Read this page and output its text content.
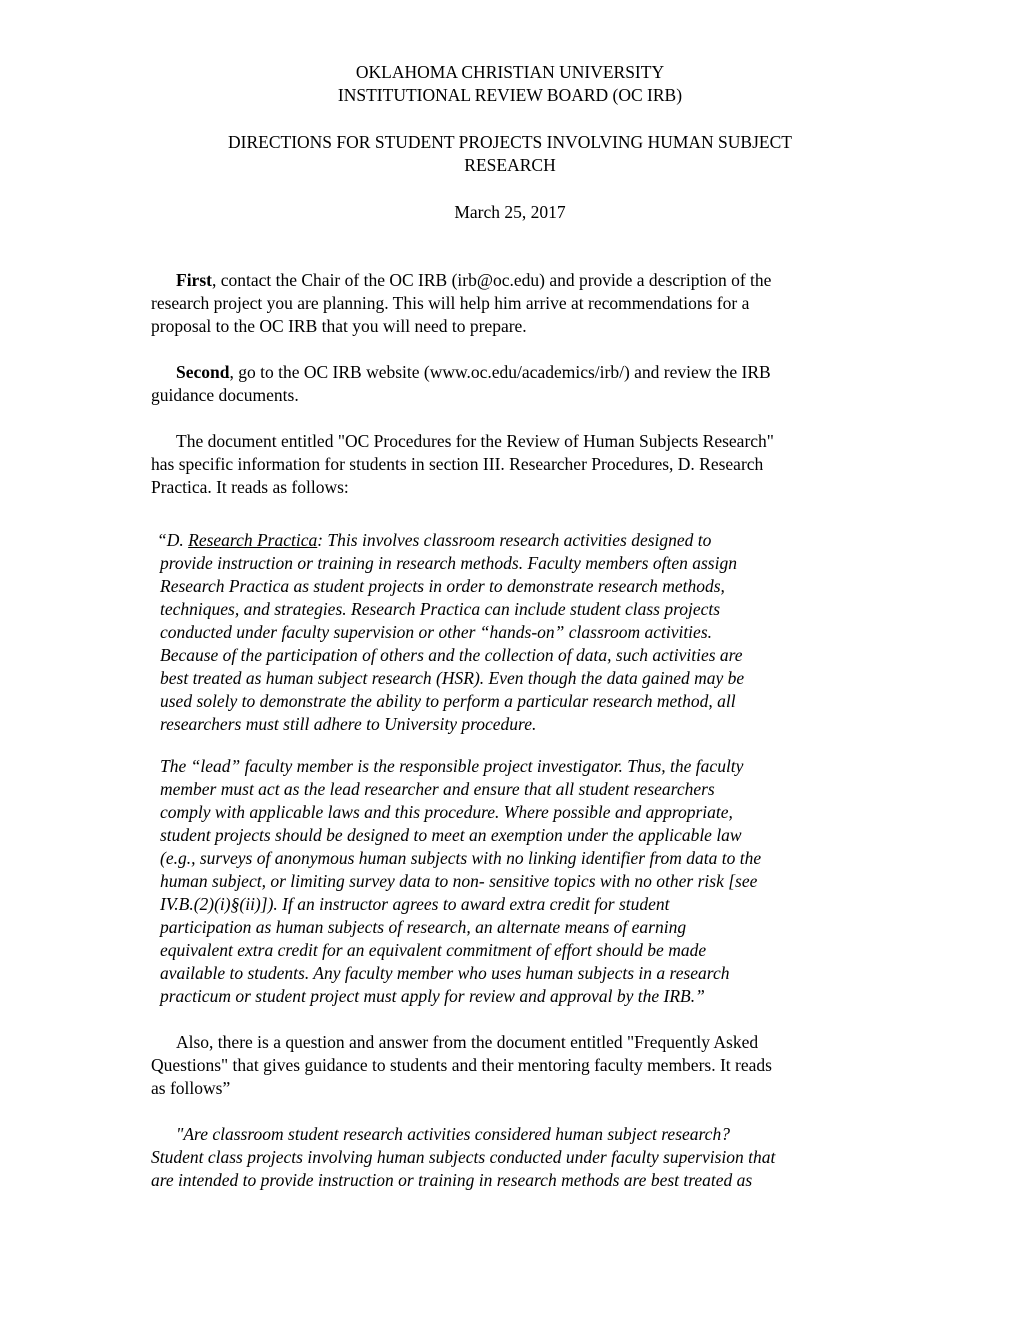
OKLAHOMA CHRISTIAN UNIVERSITY
INSTITUTIONAL REVIEW BOARD (OC IRB)
DIRECTIONS FOR STUDENT PROJECTS INVOLVING HUMAN SUBJECT
RESEARCH
March 25, 2017
First, contact the Chair of the OC IRB (irb@oc.edu) and provide a description of the
research project you are planning. This will help him arrive at recommendations for a
proposal to the OC IRB that you will need to prepare.
Second, go to the OC IRB website (www.oc.edu/academics/irb/) and review the IRB
guidance documents.
The document entitled "OC Procedures for the Review of Human Subjects Research"
has specific information for students in section III. Researcher Procedures, D. Research
Practica. It reads as follows:
“D. Research Practica: This involves classroom research activities designed to
provide instruction or training in research methods. Faculty members often assign
Research Practica as student projects in order to demonstrate research methods,
techniques, and strategies. Research Practica can include student class projects
conducted under faculty supervision or other “hands-on” classroom activities.
Because of the participation of others and the collection of data, such activities are
best treated as human subject research (HSR). Even though the data gained may be
used solely to demonstrate the ability to perform a particular research method, all
researchers must still adhere to University procedure.
The “lead” faculty member is the responsible project investigator. Thus, the faculty
member must act as the lead researcher and ensure that all student researchers
comply with applicable laws and this procedure. Where possible and appropriate,
student projects should be designed to meet an exemption under the applicable law
(e.g., surveys of anonymous human subjects with no linking identifier from data to the
human subject, or limiting survey data to non- sensitive topics with no other risk [see
IV.B.(2)(i)§(ii)]). If an instructor agrees to award extra credit for student
participation as human subjects of research, an alternate means of earning
equivalent extra credit for an equivalent commitment of effort should be made
available to students. Any faculty member who uses human subjects in a research
practicum or student project must apply for review and approval by the IRB.”
Also, there is a question and answer from the document entitled "Frequently Asked
Questions" that gives guidance to students and their mentoring faculty members. It reads
as follows”
"Are classroom student research activities considered human subject research?
Student class projects involving human subjects conducted under faculty supervision that
are intended to provide instruction or training in research methods are best treated as
